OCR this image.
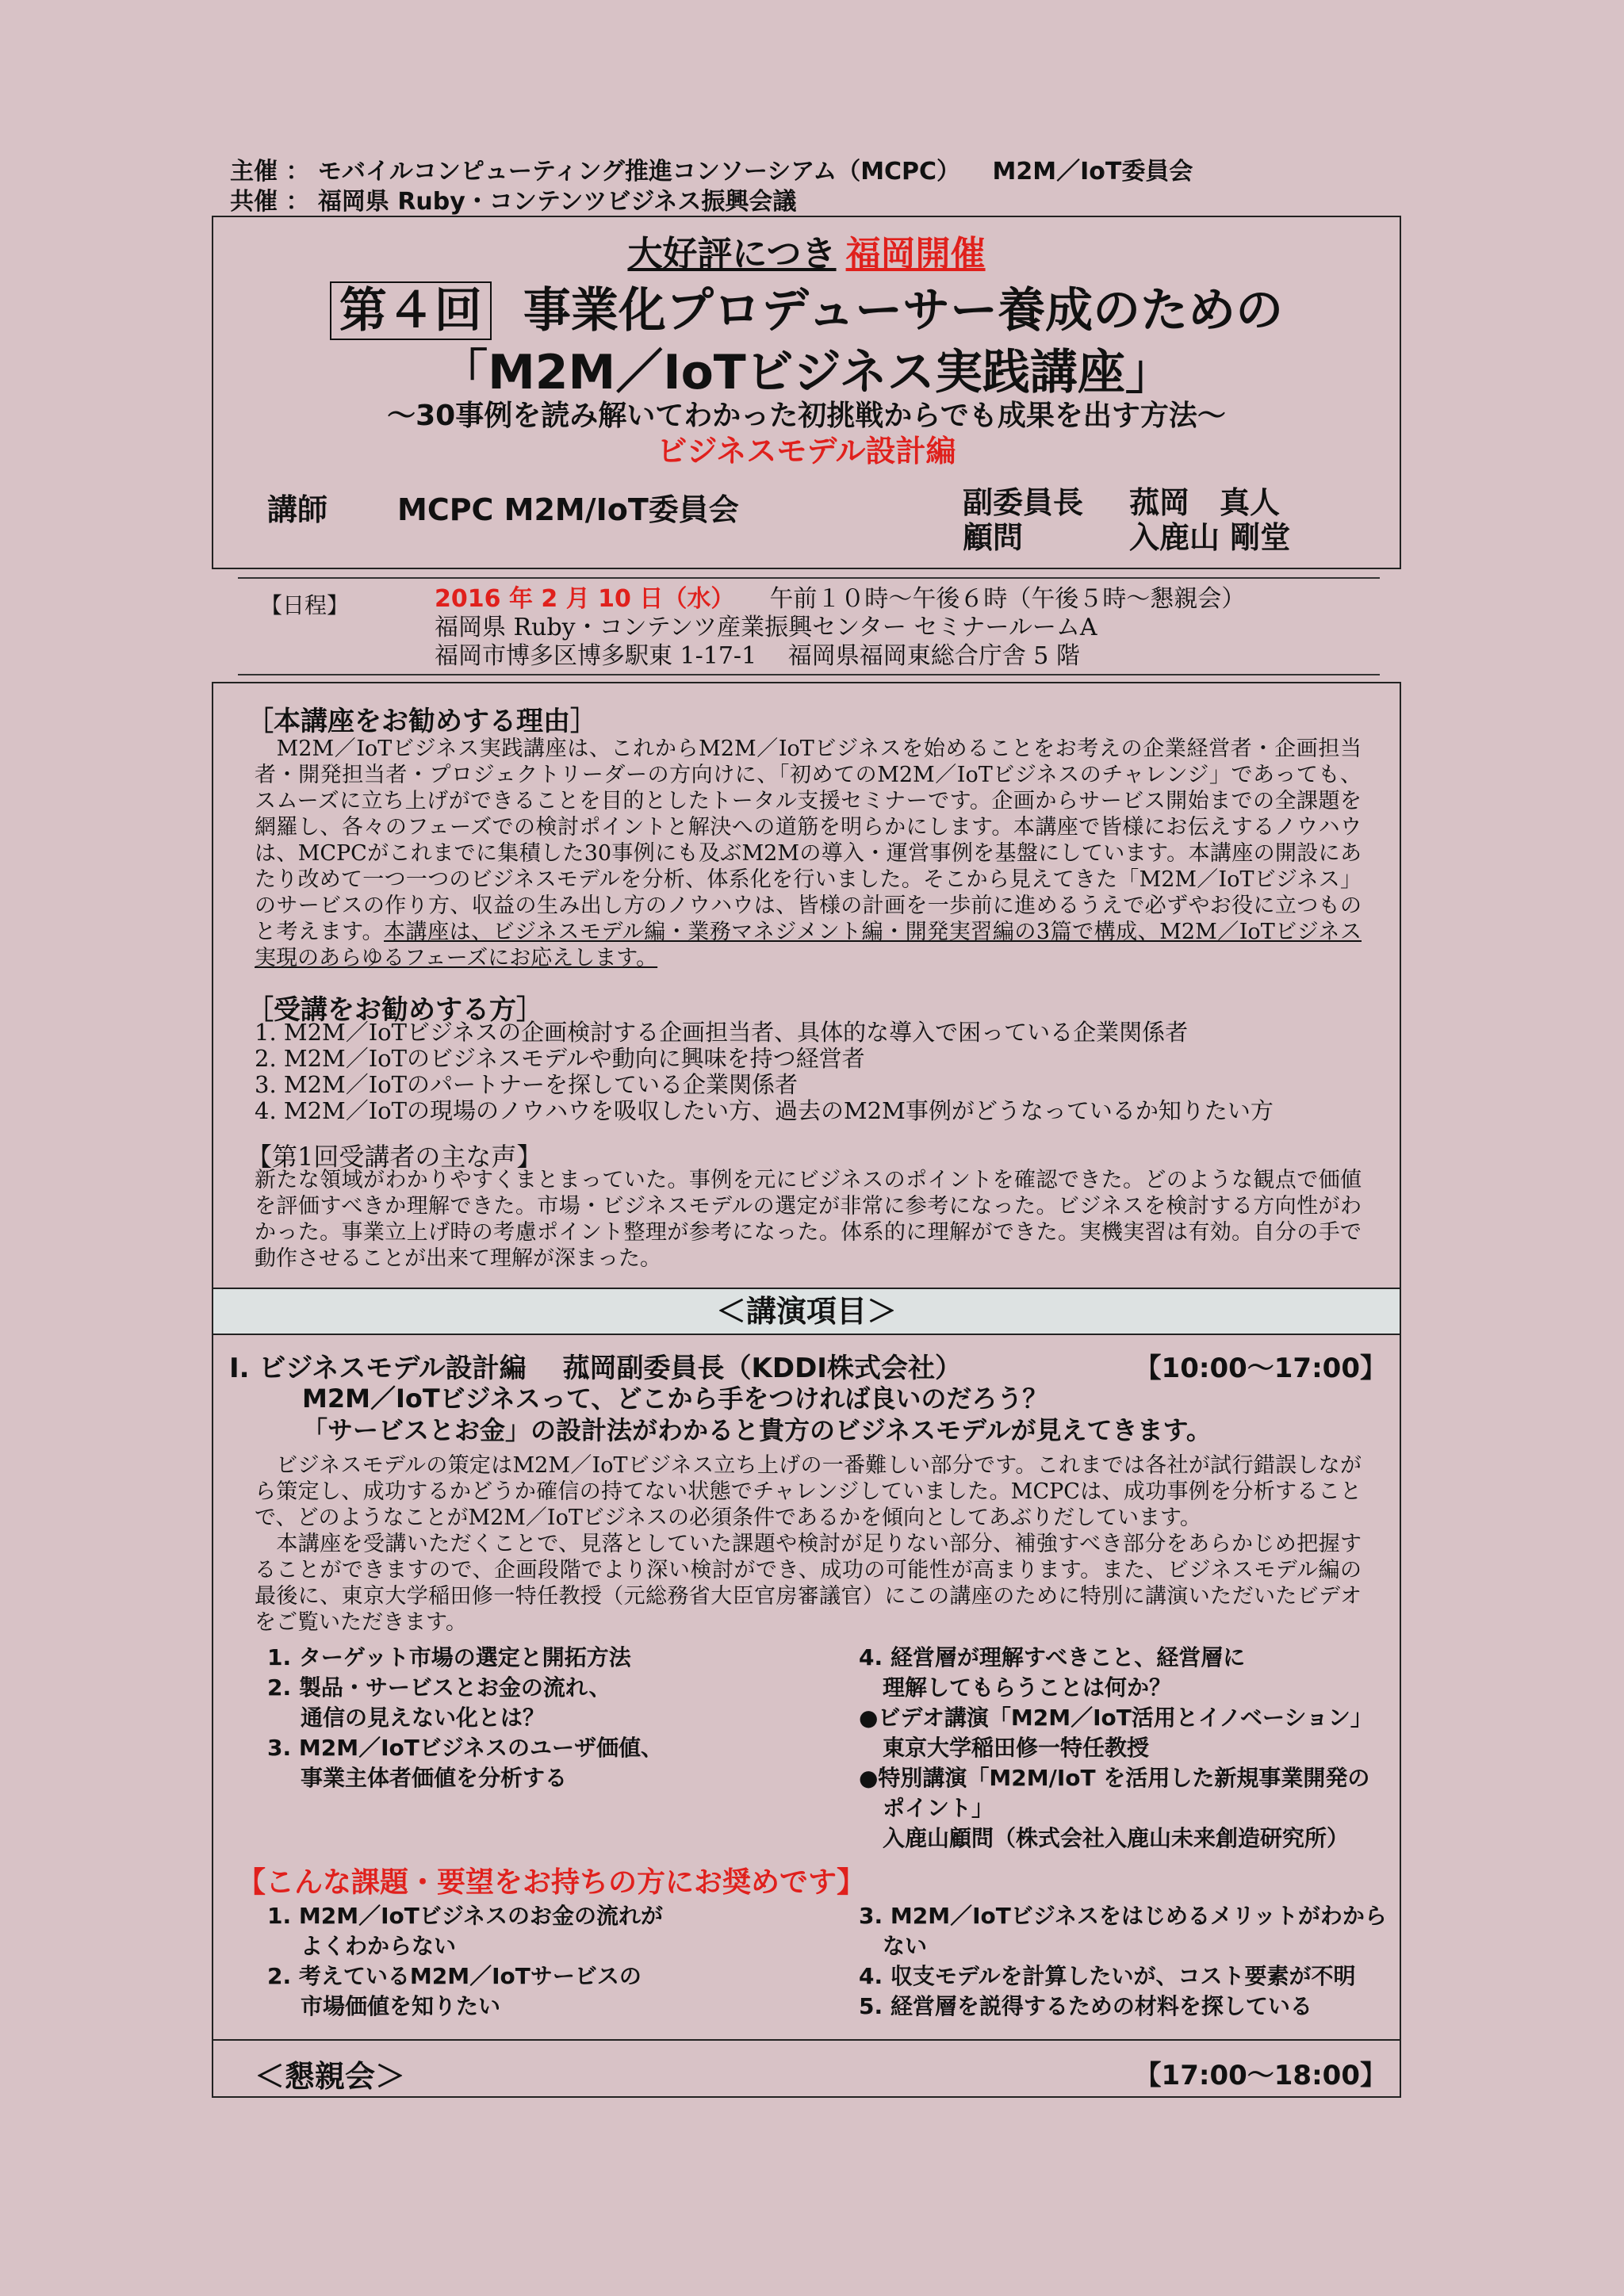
主催 ： モバイルコンピューティング推進コンソーシアム（MCPC） 　M2M／IoT委員会
共催 ： 福岡県 Ruby・コンテンツビジネス振興会議
大好評につき 福岡開催
第４回 事業化プロデューサー養成のための
「M2M／IoTビジネス実践講座」
～30事例を読み解いてわかった初挑戦からでも成果を出す方法～
ビジネスモデル設計編
講師 MCPC M2M/IoT委員会	副委員長 菰岡　真人
顧問	入鹿山 剛堂
【日程】	2016 年 2 月 10 日（水） 午前１０時～午後６時（午後５時～懇親会）
福岡県 Ruby・コンテンツ産業振興センター セミナールームA
福岡市博多区博多駅東 1-17-1 　福岡県福岡東総合庁舎 5 階
［本講座をお勧めする理由］
　M2M／IoTビジネス実践講座は、これからM2M／IoTビジネスを始めることをお考えの企業経営者・企画担当者・開発担当者・プロジェクトリーダーの方向けに、「初めてのM2M／IoTビジネスのチャレンジ」であっても、スムーズに立ち上げができることを目的としたトータル支援セミナーです。企画からサービス開始までの全課題を網羅し、各々のフェーズでの検討ポイントと解決への道筋を明らかにします。本講座で皆様にお伝えするノウハウは、MCPCがこれまでに集積した30事例にも及ぶM2Mの導入・運営事例を基盤にしています。本講座の開設にあたり改めて一つ一つのビジネスモデルを分析、体系化を行いました。そこから見えてきた「M2M／IoTビジネス」のサービスの作り方、収益の生み出し方のノウハウは、皆様の計画を一歩前に進めるうえで必ずやお役に立つものと考えます。本講座は、ビジネスモデル編・業務マネジメント編・開発実習編の3篇で構成、M2M／IoTビジネス実現のあらゆるフェーズにお応えします。
［受講をお勧めする方］
1. M2M／IoTビジネスの企画検討する企画担当者、具体的な導入で困っている企業関係者
2. M2M／IoTのビジネスモデルや動向に興味を持つ経営者
3. M2M／IoTのパートナーを探している企業関係者
4. M2M／IoTの現場のノウハウを吸収したい方、過去のM2M事例がどうなっているか知りたい方
【第1回受講者の主な声】
新たな領域がわかりやすくまとまっていた。事例を元にビジネスのポイントを確認できた。どのような観点で価値を評価すべきか理解できた。市場・ビジネスモデルの選定が非常に参考になった。ビジネスを検討する方向性がわかった。事業立上げ時の考慮ポイント整理が参考になった。体系的に理解ができた。実機実習は有効。自分の手で動作させることが出来て理解が深まった。
＜講演項目＞
Ⅰ. ビジネスモデル設計編　 菰岡副委員長（KDDI株式会社）	【10:00～17:00】
M2M／IoTビジネスって、どこから手をつければ良いのだろう？
「サービスとお金」の設計法がわかると貴方のビジネスモデルが見えてきます。
　ビジネスモデルの策定はM2M／IoTビジネス立ち上げの一番難しい部分です。これまでは各社が試行錯誤しながら策定し、成功するかどうか確信の持てない状態でチャレンジしていました。MCPCは、成功事例を分析することで、どのようなことがM2M／IoTビジネスの必須条件であるかを傾向としてあぶりだしています。
　本講座を受講いただくことで、見落としていた課題や検討が足りない部分、補強すべき部分をあらかじめ把握することができますので、企画段階でより深い検討ができ、成功の可能性が高まります。また、ビジネスモデル編の最後に、東京大学稲田修一特任教授（元総務省大臣官房審議官）にこの講座のために特別に講演いただいたビデオをご覧いただきます。
1. ターゲット市場の選定と開拓方法
2. 製品・サービスとお金の流れ、
通信の見えない化とは？
3. M2M／IoTビジネスのユーザ価値、
事業主体者価値を分析する
4. 経営層が理解すべきこと、経営層に
理解してもらうことは何か？
●ビデオ講演「M2M／IoT活用とイノベーション」
東京大学稲田修一特任教授
●特別講演「M2M/IoT を活用した新規事業開発の
ポイント」
入鹿山顧問（株式会社入鹿山未来創造研究所）
【こんな課題・要望をお持ちの方にお奨めです】
1. M2M／IoTビジネスのお金の流れが
よくわからない
2. 考えているM2M／IoTサービスの
市場価値を知りたい
3. M2M／IoTビジネスをはじめるメリットがわから
ない
4. 収支モデルを計算したいが、コスト要素が不明
5. 経営層を説得するための材料を探している
＜懇親会＞	【17:00～18:00】
